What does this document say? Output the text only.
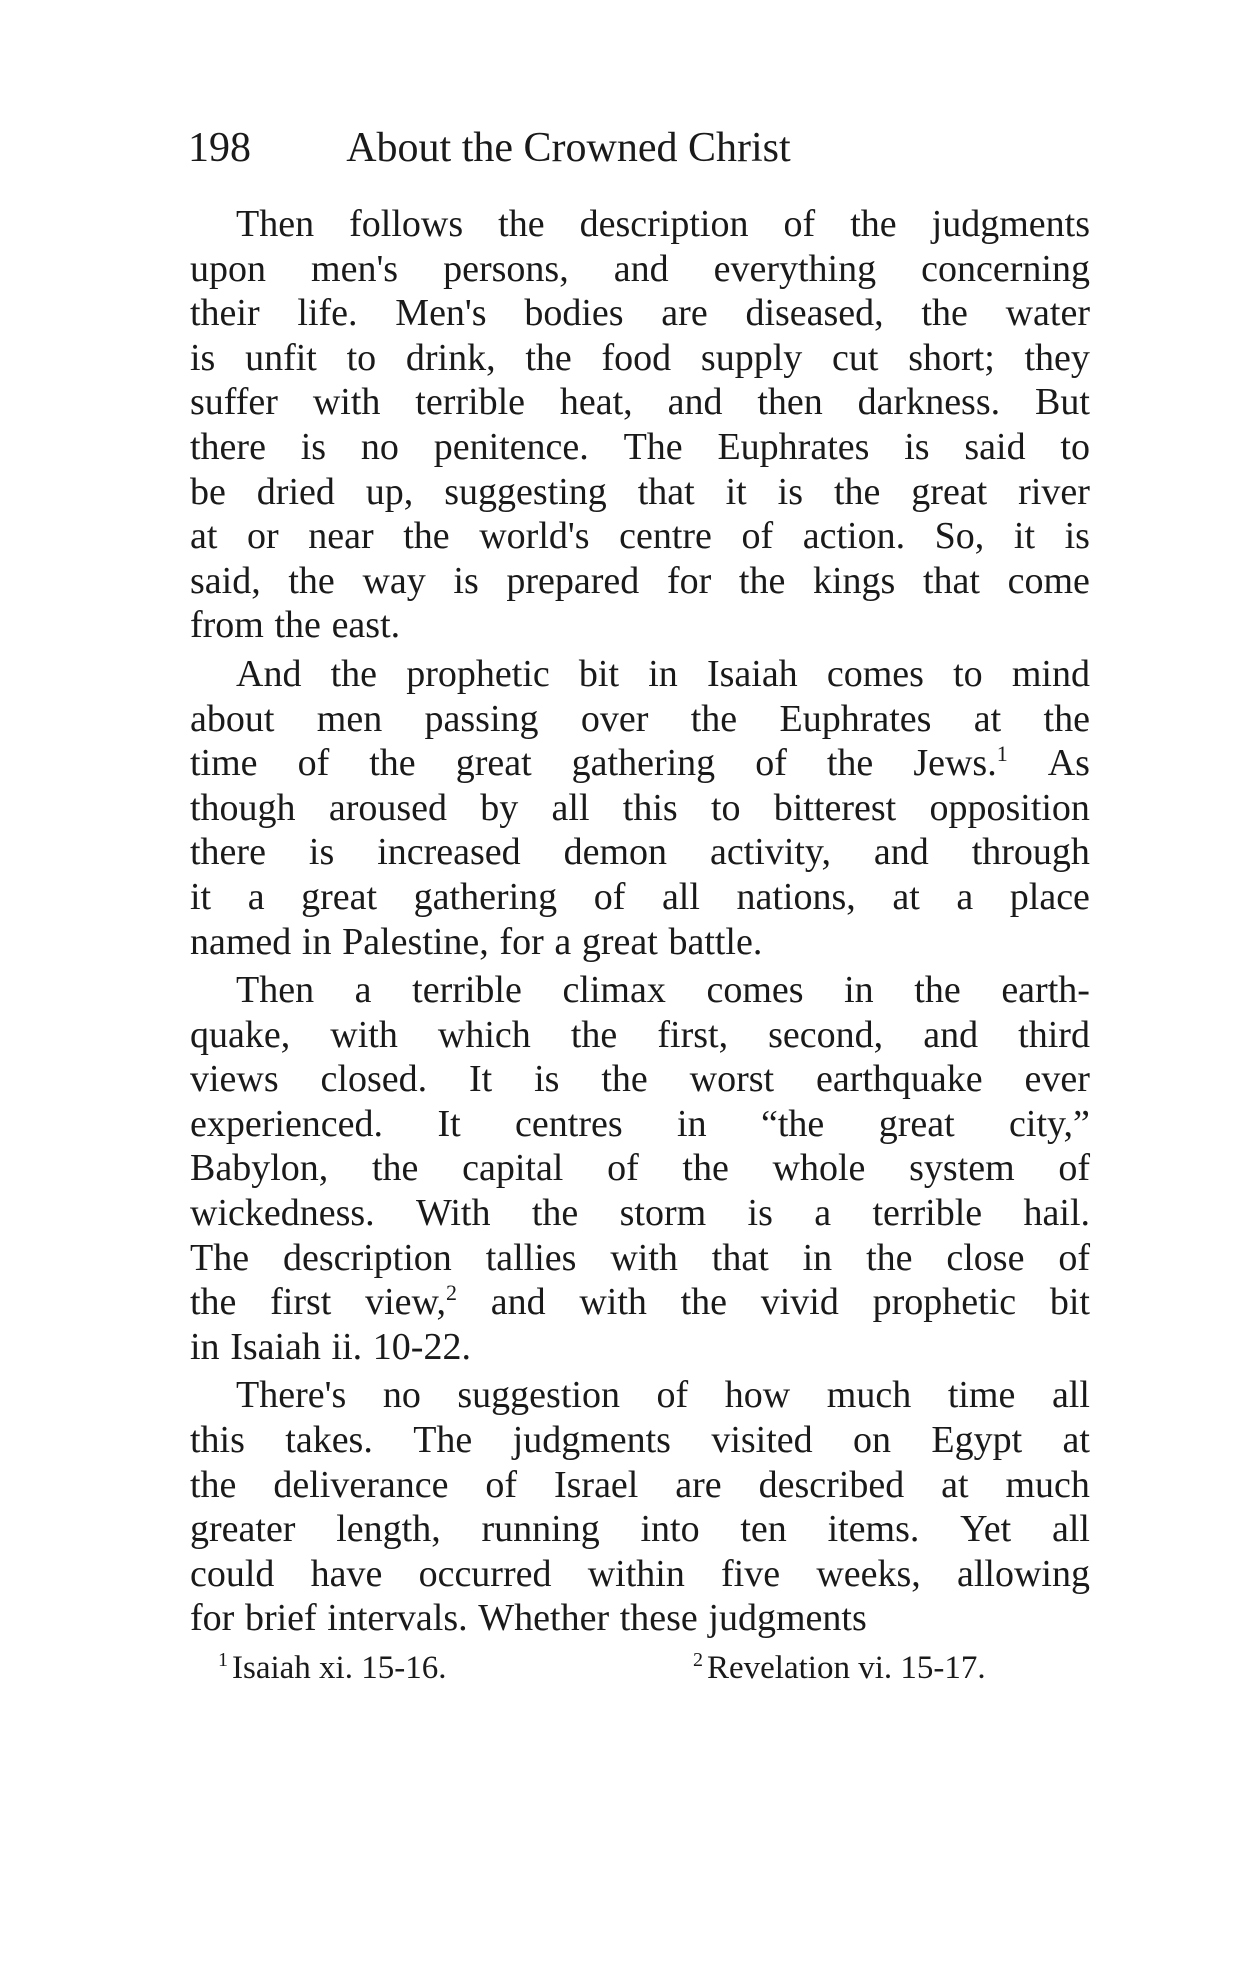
198 About the Crowned Christ
Then follows the description of the judgments
upon men's persons, and everything concerning
their life. Men's bodies are diseased, the water
is unfit to drink, the food supply cut short; they
suffer with terrible heat, and then darkness. But
there is no penitence. The Euphrates is said to
be dried up, suggesting that it is the great river
at or near the world's centre of action. So, it is
said, the way is prepared for the kings that come
from the east.
And the prophetic bit in Isaiah comes to mind
about men passing over the Euphrates at the
time of the great gathering of the Jews.$^1$ As
though aroused by all this to bitterest opposition
there is increased demon activity, and through
it a great gathering of all nations, at a place
named in Palestine, for a great battle.
Then a terrible climax comes in the earth-
quake, with which the first, second, and third
views closed. It is the worst earthquake ever
experienced. It centres in “the great city,”
Babylon, the capital of the whole system of
wickedness. With the storm is a terrible hail.
The description tallies with that in the close of
the first view,$^2$ and with the vivid prophetic bit
in Isaiah ii. 10-22.
There's no suggestion of how much time all
this takes. The judgments visited on Egypt at
the deliverance of Israel are described at much
greater length, running into ten items. Yet all
could have occurred within five weeks, allowing
for brief intervals. Whether these judgments
$^1$ Isaiah xi. 15-16.	$^2$ Revelation vi. 15-17.
